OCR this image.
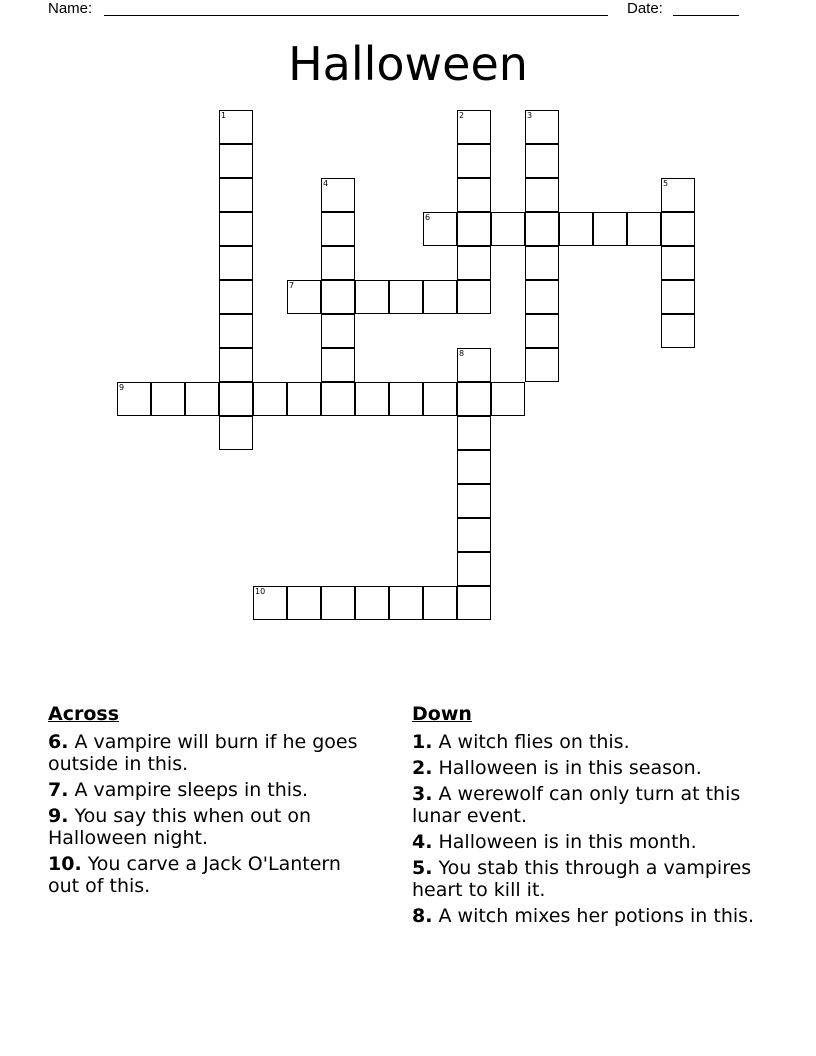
Name:	Date:
Halloween
1	2	3
4	5
6
7
8
9
10
Across
6. A vampire will burn if he goes outside in this.
7. A vampire sleeps in this.
9. You say this when out on Halloween night.
10. You carve a Jack O'Lantern out of this.
Down
1. A witch flies on this.
2. Halloween is in this season.
3. A werewolf can only turn at this lunar event.
4. Halloween is in this month.
5. You stab this through a vampires heart to kill it.
8. A witch mixes her potions in this.
